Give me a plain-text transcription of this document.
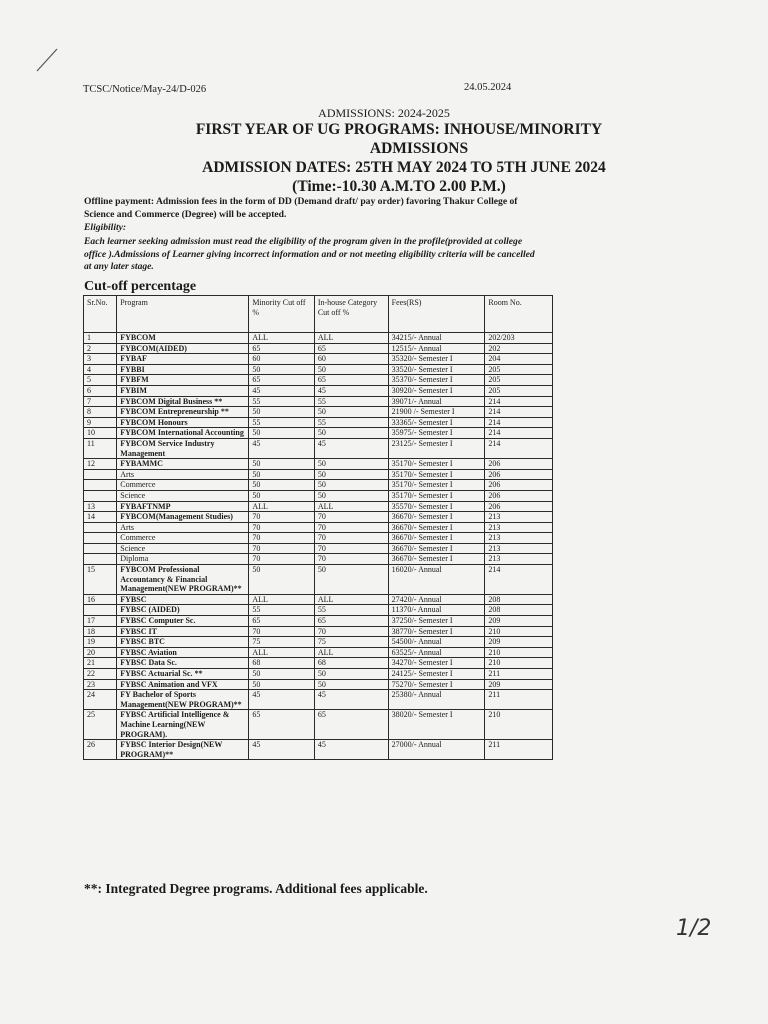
TCSC/Notice/May-24/D-026	24.05.2024
ADMISSIONS: 2024-2025
FIRST YEAR OF UG PROGRAMS: INHOUSE/MINORITY
ADMISSIONS
ADMISSION DATES: 25TH MAY 2024 TO 5TH JUNE 2024
(Time:-10.30 A.M.TO 2.00 P.M.)
Offline payment: Admission fees in the form of DD (Demand draft/ pay order) favoring Thakur College of Science and Commerce (Degree) will be accepted.
Eligibility:
Each learner seeking admission must read the eligibility of the program given in the profile(provided at college office ).Admissions of Learner giving incorrect information and or not meeting eligibility criteria will be cancelled at any later stage.
Cut-off percentage
Sr.No.	Program	Minority Cut off %	In-house Category Cut off %	Fees(RS)	Room No.
1	FYBCOM	ALL	ALL	34215/- Annual	202/203
2	FYBCOM(AIDED)	65	65	12515/- Annual	202
3	FYBAF	60	60	35320/- Semester I	204
4	FYBBI	50	50	33520/- Semester I	205
5	FYBFM	65	65	35370/- Semester I	205
6	FYBIM	45	45	30920/- Semester I	205
7	FYBCOM Digital Business **	55	55	39071/- Annual	214
8	FYBCOM Entrepreneurship **	50	50	21900 /- Semester I	214
9	FYBCOM Honours	55	55	33365/- Semester I	214
10	FYBCOM International Accounting	50	50	35975/- Semester I	214
11	FYBCOM Service Industry Management	45	45	23125/- Semester I	214
12	FYBAMMC	50	50	35170/- Semester I	206
	Arts	50	50	35170/- Semester I	206
	Commerce	50	50	35170/- Semester I	206
	Science	50	50	35170/- Semester I	206
13	FYBAFTNMP	ALL	ALL	35570/- Semester I	206
14	FYBCOM(Management Studies)	70	70	36670/- Semester I	213
	Arts	70	70	36670/- Semester I	213
	Commerce	70	70	36670/- Semester I	213
	Science	70	70	36670/- Semester I	213
	Diploma	70	70	36670/- Semester I	213
15	FYBCOM Professional Accountancy & Financial Management(NEW PROGRAM)**	50	50	16020/- Annual	214
16	FYBSC	ALL	ALL	27420/- Annual	208
	FYBSC (AIDED)	55	55	11370/- Annual	208
17	FYBSC Computer Sc.	65	65	37250/- Semester I	209
18	FYBSC IT	70	70	38770/- Semester I	210
19	FYBSC BTC	75	75	54500/- Annual	209
20	FYBSC Aviation	ALL	ALL	63525/- Annual	210
21	FYBSC Data Sc.	68	68	34270/- Semester I	210
22	FYBSC Actuarial Sc. **	50	50	24125/- Semester I	211
23	FYBSC Animation and VFX	50	50	75270/- Semester I	209
24	FY Bachelor of Sports Management(NEW PROGRAM)**	45	45	25380/- Annual	211
25	FYBSC Artificial Intelligence & Machine Learning(NEW PROGRAM).	65	65	38020/- Semester I	210
26	FYBSC Interior Design(NEW PROGRAM)**	45	45	27000/- Annual	211
**: Integrated Degree programs. Additional fees applicable.
1/2
